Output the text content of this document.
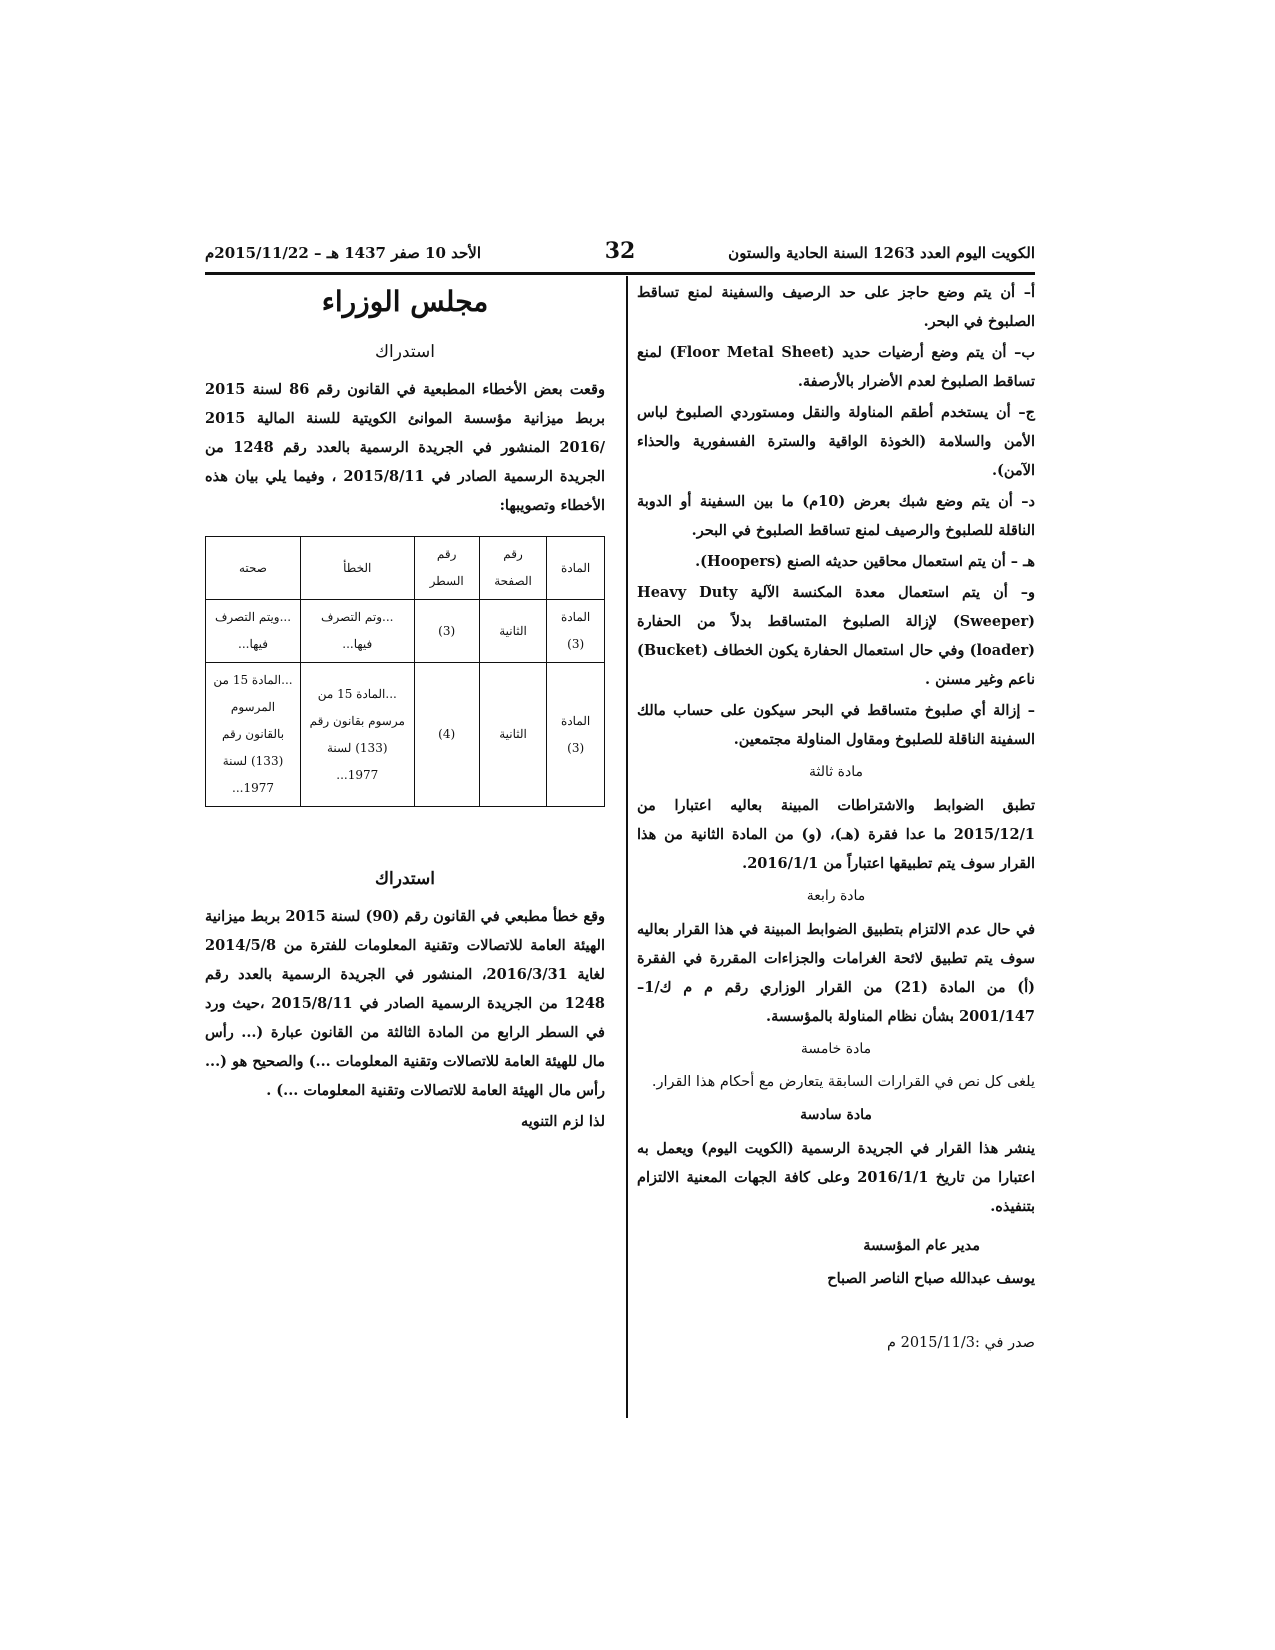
الكويت اليوم العدد 1263 السنة الحادية والستون
32
الأحد 10 صفر 1437 هـ – 2015/11/22م

أ– أن يتم وضع حاجز على حد الرصيف والسفينة لمنع تساقط الصلبوخ في البحر.

ب– أن يتم وضع أرضيات حديد (Floor Metal Sheet) لمنع تساقط الصلبوخ لعدم الأضرار بالأرصفة.

ج– أن يستخدم أطقم المناولة والنقل ومستوردي الصلبوخ لباس الأمن والسلامة (الخوذة الواقية والسترة الفسفورية والحذاء الآمن).

د– أن يتم وضع شبك بعرض (10م) ما بين السفينة أو الدوبة الناقلة للصلبوخ والرصيف لمنع تساقط الصلبوخ في البحر.

هـ – أن يتم استعمال محاقين حديثه الصنع (Hoopers).

و– أن يتم استعمال معدة المكنسة الآلية Heavy Duty (Sweeper) لإزالة الصلبوخ المتساقط بدلاً من الحفارة (loader) وفي حال استعمال الحفارة يكون الخطاف (Bucket) ناعم وغير مسنن .

– إزالة أي صلبوخ متساقط في البحر سيكون على حساب مالك السفينة الناقلة للصلبوخ ومقاول المناولة مجتمعين.

مادة ثالثة

تطبق الضوابط والاشتراطات المبينة بعاليه اعتبارا من 2015/12/1 ما عدا فقرة (هـ)، (و) من المادة الثانية من هذا القرار سوف يتم تطبيقها اعتباراً من 2016/1/1.

مادة رابعة

في حال عدم الالتزام بتطبيق الضوابط المبينة في هذا القرار بعاليه سوف يتم تطبيق لائحة الغرامات والجزاءات المقررة في الفقرة (أ) من المادة (21) من القرار الوزاري رقم م م ك/1–2001/147 بشأن نظام المناولة بالمؤسسة.

مادة خامسة

يلغى كل نص في القرارات السابقة يتعارض مع أحكام هذا القرار.

مادة سادسة

ينشر هذا القرار في الجريدة الرسمية (الكويت اليوم) ويعمل به اعتبارا من تاريخ 2016/1/1 وعلى كافة الجهات المعنية الالتزام بتنفيذه.

مدير عام المؤسسة
يوسف عبدالله صباح الناصر الصباح
صدر في :2015/11/3 م
مجلس الوزراء
استدراك

وقعت بعض الأخطاء المطبعية في القانون رقم 86 لسنة 2015 بربط ميزانية مؤسسة الموانئ الكويتية للسنة المالية 2015 /2016 المنشور في الجريدة الرسمية بالعدد رقم 1248 من الجريدة الرسمية الصادر في 2015/8/11 ، وفيما يلي بيان هذه الأخطاء وتصويبها:

المادة	رقم الصفحة	رقم السطر	الخطأ	صحته
المادة (3)	الثانية	(3)	...وتم التصرف فيها...	...ويتم التصرف فيها...
المادة (3)	الثانية	(4)	...المادة 15 من مرسوم بقانون رقم (133) لسنة 1977...	...المادة 15 من المرسوم بالقانون رقم (133) لسنة 1977...
استدراك

وقع خطأ مطبعي في القانون رقم (90) لسنة 2015 بربط ميزانية الهيئة العامة للاتصالات وتقنية المعلومات للفترة من 2014/5/8 لغاية 2016/3/31، المنشور في الجريدة الرسمية بالعدد رقم 1248 من الجريدة الرسمية الصادر في 2015/8/11 ،حيث ورد في السطر الرابع من المادة الثالثة من القانون عبارة (... رأس مال للهيئة العامة للاتصالات وتقنية المعلومات ...) والصحيح هو (... رأس مال الهيئة العامة للاتصالات وتقنية المعلومات ...) .

لذا لزم التنويه
